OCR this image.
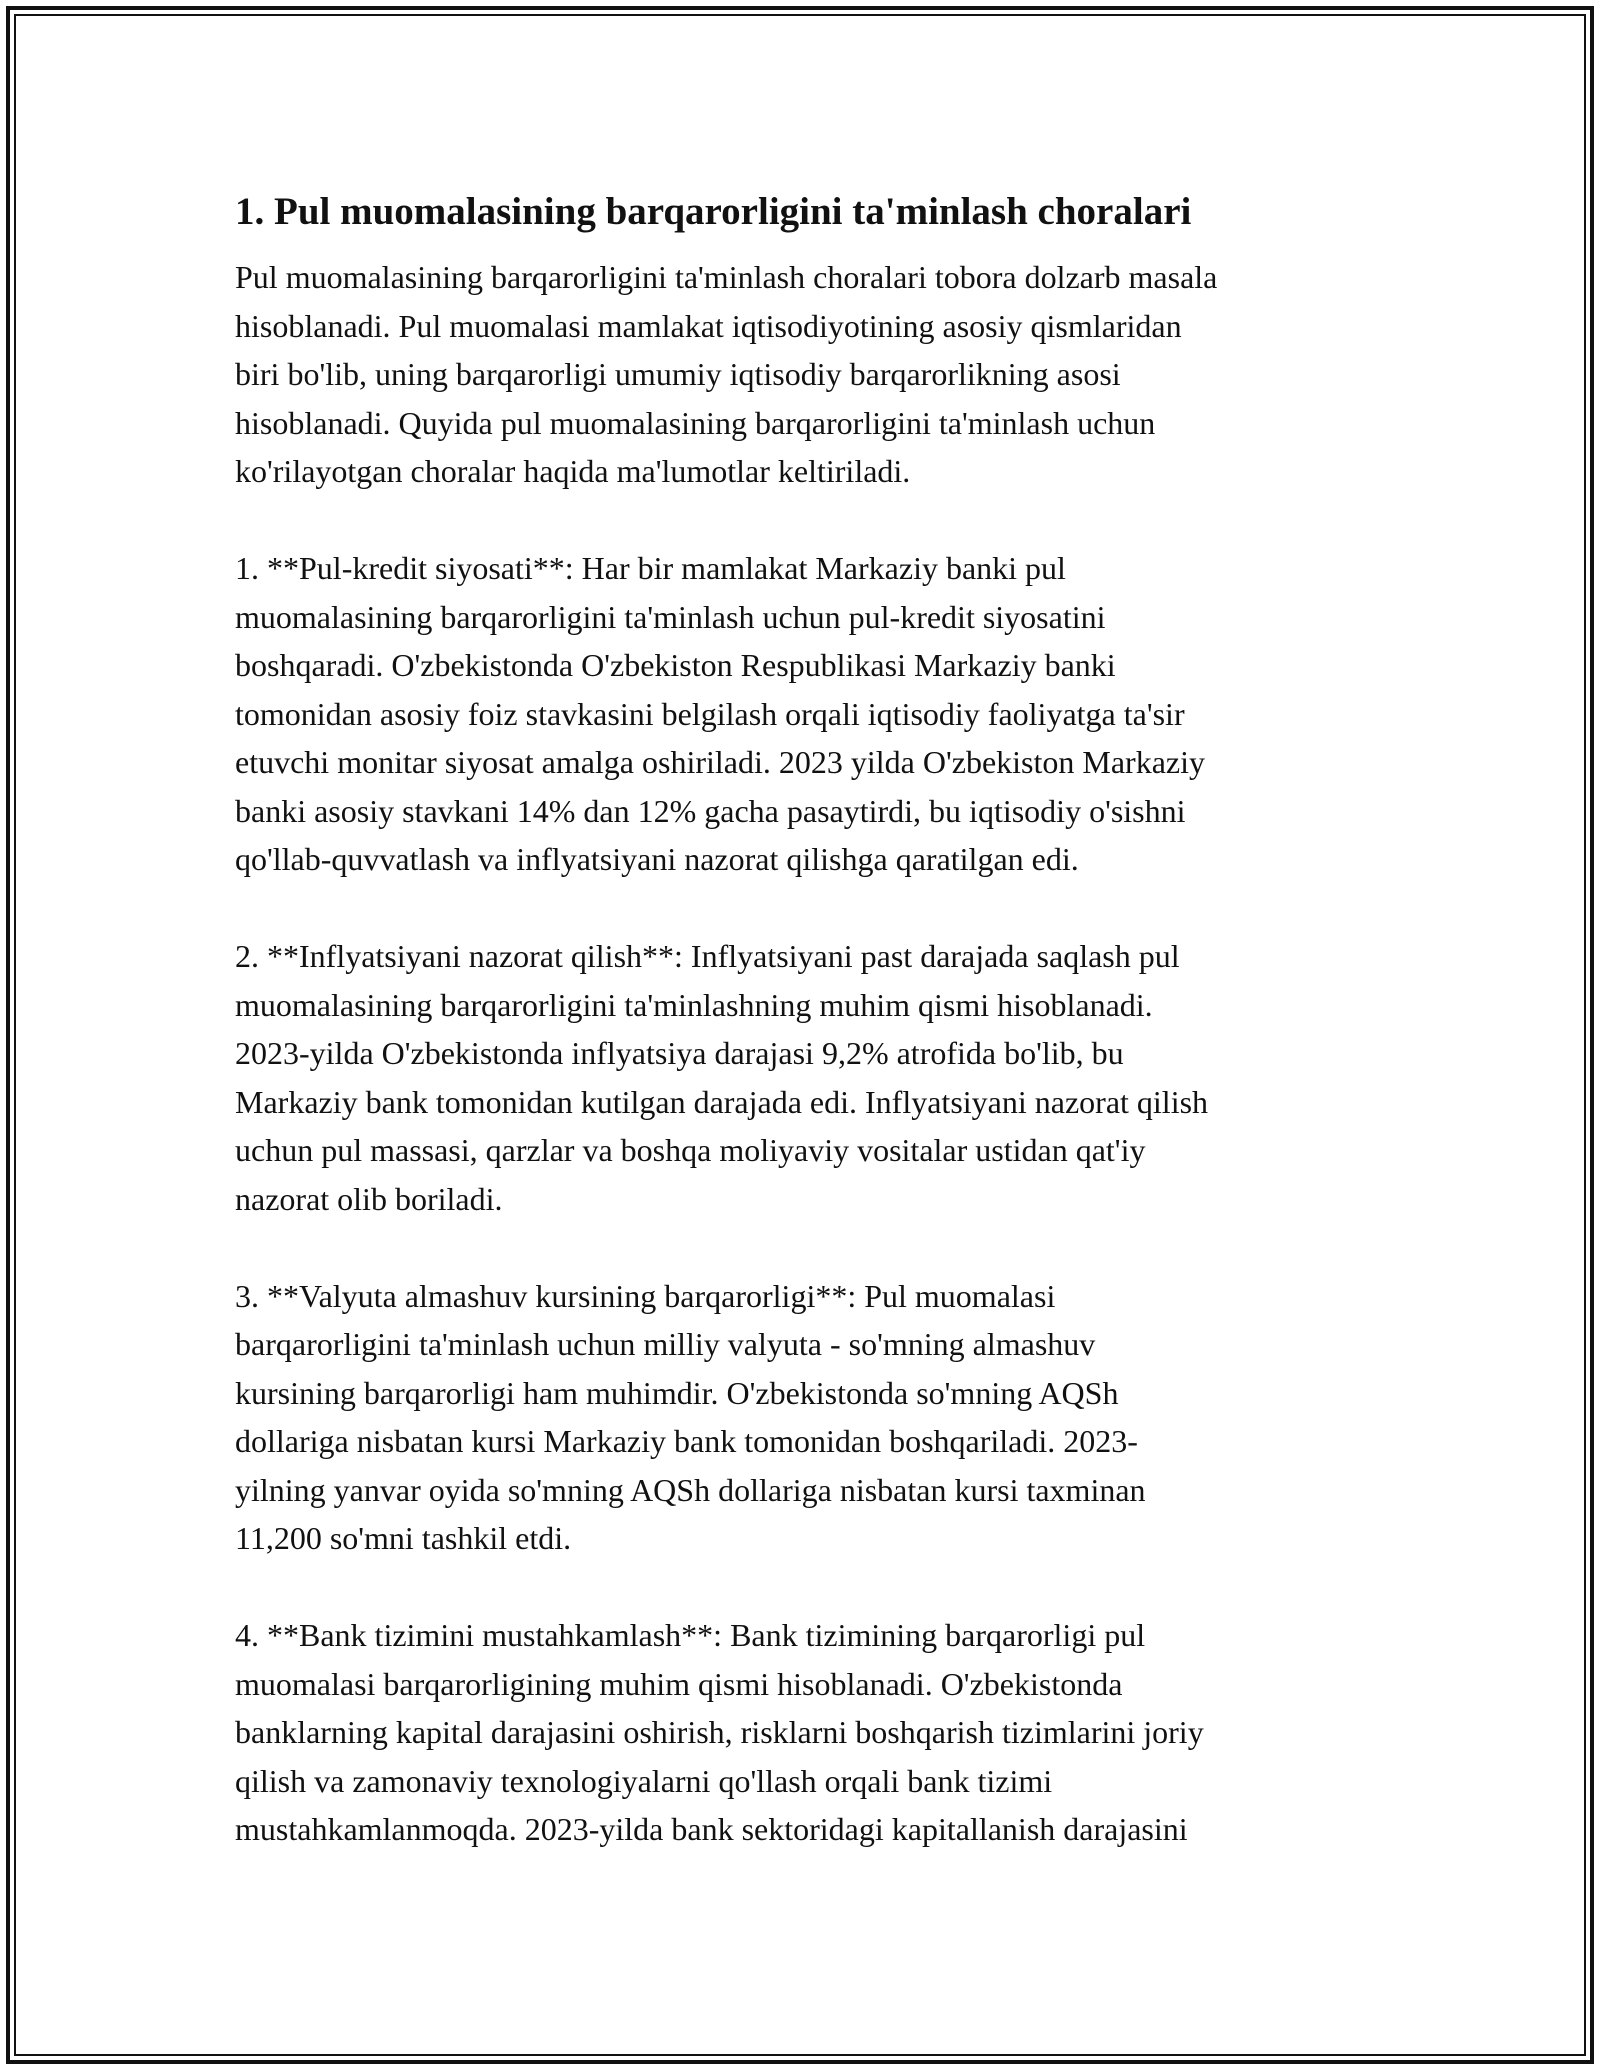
1. Pul muomalasining barqarorligini ta'minlash choralari

Pul muomalasining barqarorligini ta'minlash choralari tobora dolzarb masala
hisoblanadi. Pul muomalasi mamlakat iqtisodiyotining asosiy qismlaridan
biri bo'lib, uning barqarorligi umumiy iqtisodiy barqarorlikning asosi
hisoblanadi. Quyida pul muomalasining barqarorligini ta'minlash uchun
ko'rilayotgan choralar haqida ma'lumotlar keltiriladi.

1. **Pul-kredit siyosati**: Har bir mamlakat Markaziy banki pul
muomalasining barqarorligini ta'minlash uchun pul-kredit siyosatini
boshqaradi. O'zbekistonda O'zbekiston Respublikasi Markaziy banki
tomonidan asosiy foiz stavkasini belgilash orqali iqtisodiy faoliyatga ta'sir
etuvchi monitar siyosat amalga oshiriladi. 2023 yilda O'zbekiston Markaziy
banki asosiy stavkani 14% dan 12% gacha pasaytirdi, bu iqtisodiy o'sishni
qo'llab-quvvatlash va inflyatsiyani nazorat qilishga qaratilgan edi.

2. **Inflyatsiyani nazorat qilish**: Inflyatsiyani past darajada saqlash pul
muomalasining barqarorligini ta'minlashning muhim qismi hisoblanadi.
2023-yilda O'zbekistonda inflyatsiya darajasi 9,2% atrofida bo'lib, bu
Markaziy bank tomonidan kutilgan darajada edi. Inflyatsiyani nazorat qilish
uchun pul massasi, qarzlar va boshqa moliyaviy vositalar ustidan qat'iy
nazorat olib boriladi.

3. **Valyuta almashuv kursining barqarorligi**: Pul muomalasi
barqarorligini ta'minlash uchun milliy valyuta - so'mning almashuv
kursining barqarorligi ham muhimdir. O'zbekistonda so'mning AQSh
dollariga nisbatan kursi Markaziy bank tomonidan boshqariladi. 2023-
yilning yanvar oyida so'mning AQSh dollariga nisbatan kursi taxminan
11,200 so'mni tashkil etdi.

4. **Bank tizimini mustahkamlash**: Bank tizimining barqarorligi pul
muomalasi barqarorligining muhim qismi hisoblanadi. O'zbekistonda
banklarning kapital darajasini oshirish, risklarni boshqarish tizimlarini joriy
qilish va zamonaviy texnologiyalarni qo'llash orqali bank tizimi
mustahkamlanmoqda. 2023-yilda bank sektoridagi kapitallanish darajasini
